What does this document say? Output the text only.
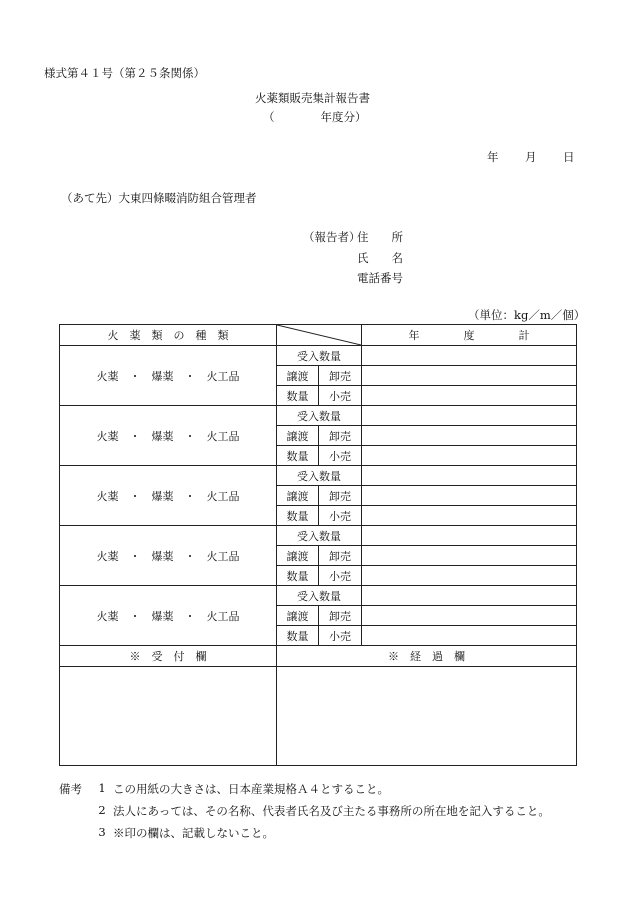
様式第４１号（第２５条関係）
火薬類販売集計報告書
（　　　　年度分）
年 月 日
（あて先）大東四條畷消防組合管理者
（報告者）
住　　所
氏　　名
電話番号
（単位：kg／m／個）
火　薬　類　の　種　類			年　　　　度　　　　計
火薬　・　爆薬　・　火工品	受入数量		
	譲渡	卸売	
	数量	小売	
火薬　・　爆薬　・　火工品	受入数量		
	譲渡	卸売	
	数量	小売	
火薬　・　爆薬　・　火工品	受入数量		
	譲渡	卸売	
	数量	小売	
火薬　・　爆薬　・　火工品	受入数量		
	譲渡	卸売	
	数量	小売	
火薬　・　爆薬　・　火工品	受入数量		
	譲渡	卸売	
	数量	小売	
※　受　付　欄	※　経　過　欄		

備考	1 この用紙の大きさは、日本産業規格Ａ４とすること。
2 法人にあっては、その名称、代表者氏名及び主たる事務所の所在地を記入すること。
3 ※印の欄は、記載しないこと。
